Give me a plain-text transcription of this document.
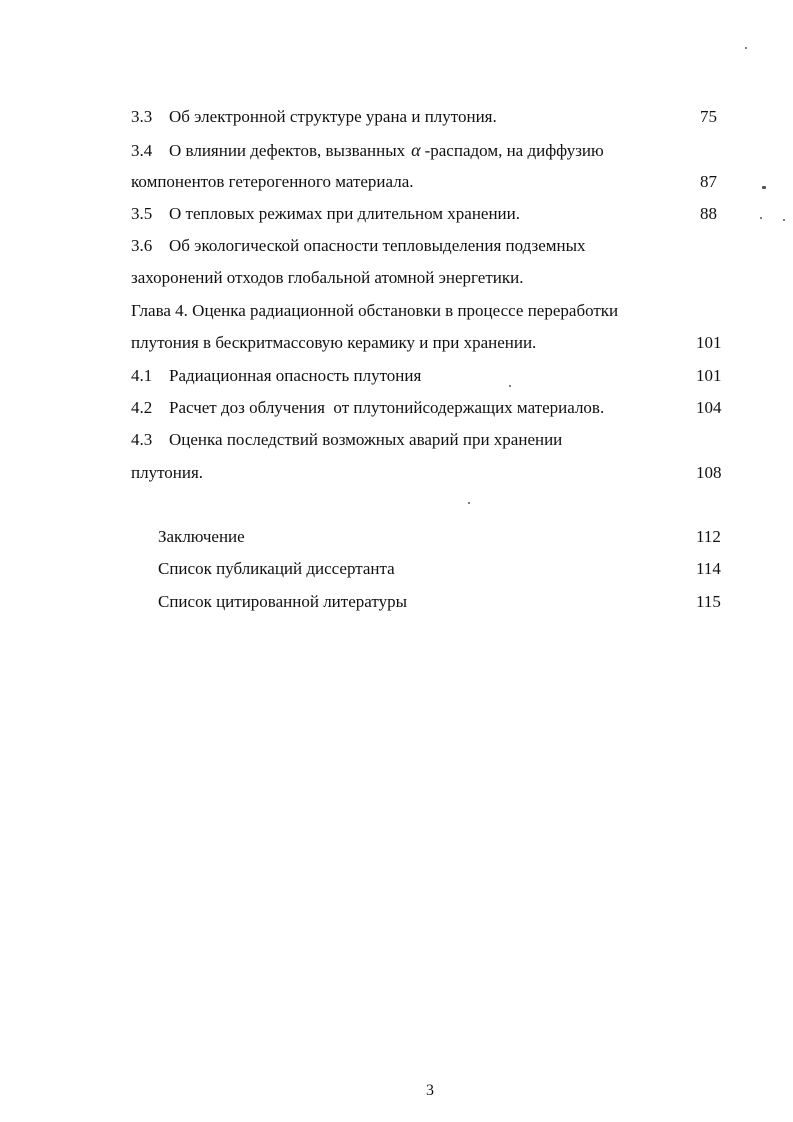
3.3 Об электронной структуре урана и плутония.	75
3.4 О влиянии дефектов, вызванных α -распадом, на диффузию
компонентов гетерогенного материала.	87
3.5 О тепловых режимах при длительном хранении.	88
3.6 Об экологической опасности тепловыделения подземных
захоронений отходов глобальной атомной энергетики.
Глава 4. Оценка радиационной обстановки в процессе переработки
плутония в бескритмассовую керамику и при хранении.	101
4.1 Радиационная опасность плутония	101
4.2 Расчет доз облучения  от плутонийсодержащих материалов.	104
4.3 Оценка последствий возможных аварий при хранении
плутония.	108
Заключение	112
Список публикаций диссертанта	114
Список цитированной литературы	115
3
